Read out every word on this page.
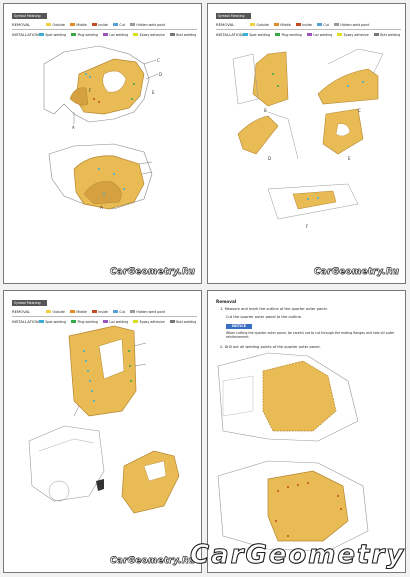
Symbol Meaning
REMOVAL	Outside	Middle	Inside	Cut	Hidden weld point
INSTALLATION Spot welding	Plug welding	Laz welding	Epoxy adhesive	Butt welding
C
D
E
F
A
A
CarGeometry.Ru
Symbol Meaning
REMOVAL	Outside	Middle	Inside	Cut	Hidden weld point
INSTALLATION Spot welding	Plug welding	Laz welding	Epoxy adhesive	Butt welding
B	C
D	E
F
CarGeometry.Ru
Symbol Meaning
REMOVAL	Outside	Middle	Inside	Cut	Hidden weld point
INSTALLATION Spot welding	Plug welding	Laz welding	Epoxy adhesive	Butt welding
CarGeometry.Ru
Removal
1. Measure and mark the outline of the quarter outer panel.
Cut the quarter outer panel to the outline.
NOTICE
When cutting the quarter outer panel, be careful not to cut through the mating flanges and side sill outer reinforcement.
2. Drill out all welding points of the quarter outer panel.
CarGeometry
